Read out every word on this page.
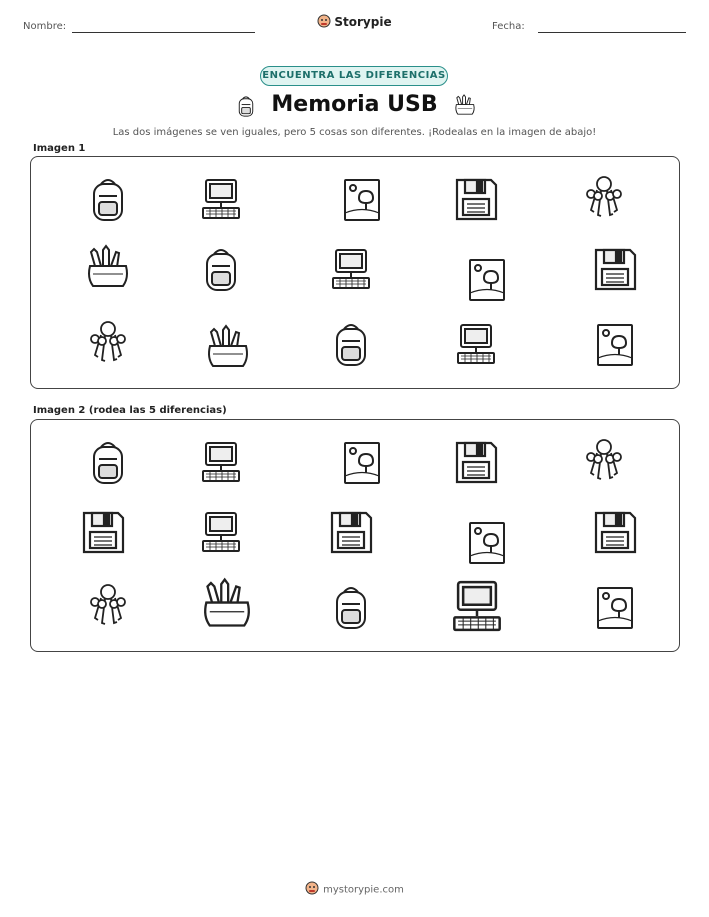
Nombre:	Storypie	Fecha:
ENCUENTRA LAS DIFERENCIAS
Memoria USB
Las dos imágenes se ven iguales, pero 5 cosas son diferentes. ¡Rodealas en la imagen de abajo!
Imagen 1
Imagen 2 (rodea las 5 diferencias)
mystorypie.com
